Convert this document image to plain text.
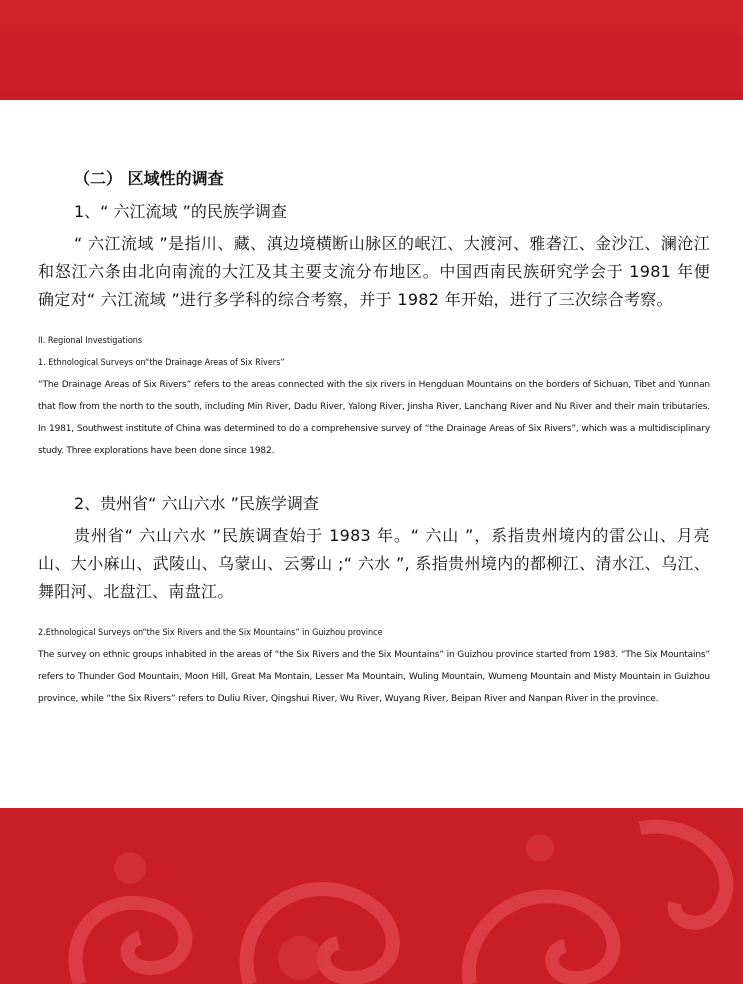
（二） 区域性的调查

1、“ 六江流域 ”的民族学调查

“ 六江流域 ”是指川、藏、滇边境横断山脉区的岷江、大渡河、雅砻江、金沙江、澜沧江和怒江六条由北向南流的大江及其主要支流分布地区。中国西南民族研究学会于 1981 年便确定对“ 六江流域 ”进行多学科的综合考察，并于 1982 年开始，进行了三次综合考察。

II. Regional Investigations

1. Ethnological Surveys on“the Drainage Areas of Six Rivers”

“The Drainage Areas of Six Rivers” refers to the areas connected with the six rivers in Hengduan Mountains on the borders of Sichuan, Tibet and Yunnan that flow from the north to the south, including Min River, Dadu River, Yalong River, Jinsha River, Lanchang River and Nu River and their main tributaries. In 1981, Southwest institute of China was determined to do a comprehensive survey of “the Drainage Areas of Six Rivers”, which was a multidisciplinary study. Three explorations have been done since 1982.

2、贵州省“ 六山六水 ”民族学调查

贵州省“ 六山六水 ”民族调查始于 1983 年。“ 六山 ”，系指贵州境内的雷公山、月亮山、大小麻山、武陵山、乌蒙山、云雾山 ;“ 六水 ”, 系指贵州境内的都柳江、清水江、乌江、舞阳河、北盘江、南盘江。

2.Ethnological Surveys on“the Six Rivers and the Six Mountains” in Guizhou province

The survey on ethnic groups inhabited in the areas of “the Six Rivers and the Six Mountains” in Guizhou province started from 1983. “The Six Mountains” refers to Thunder God Mountain, Moon Hill, Great Ma Montain, Lesser Ma Mountain, Wuling Mountain, Wumeng Mountain and Misty Mountain in Guizhou province, while “the Six Rivers” refers to Duliu River, Qingshui River, Wu River, Wuyang River, Beipan River and Nanpan River in the province.
